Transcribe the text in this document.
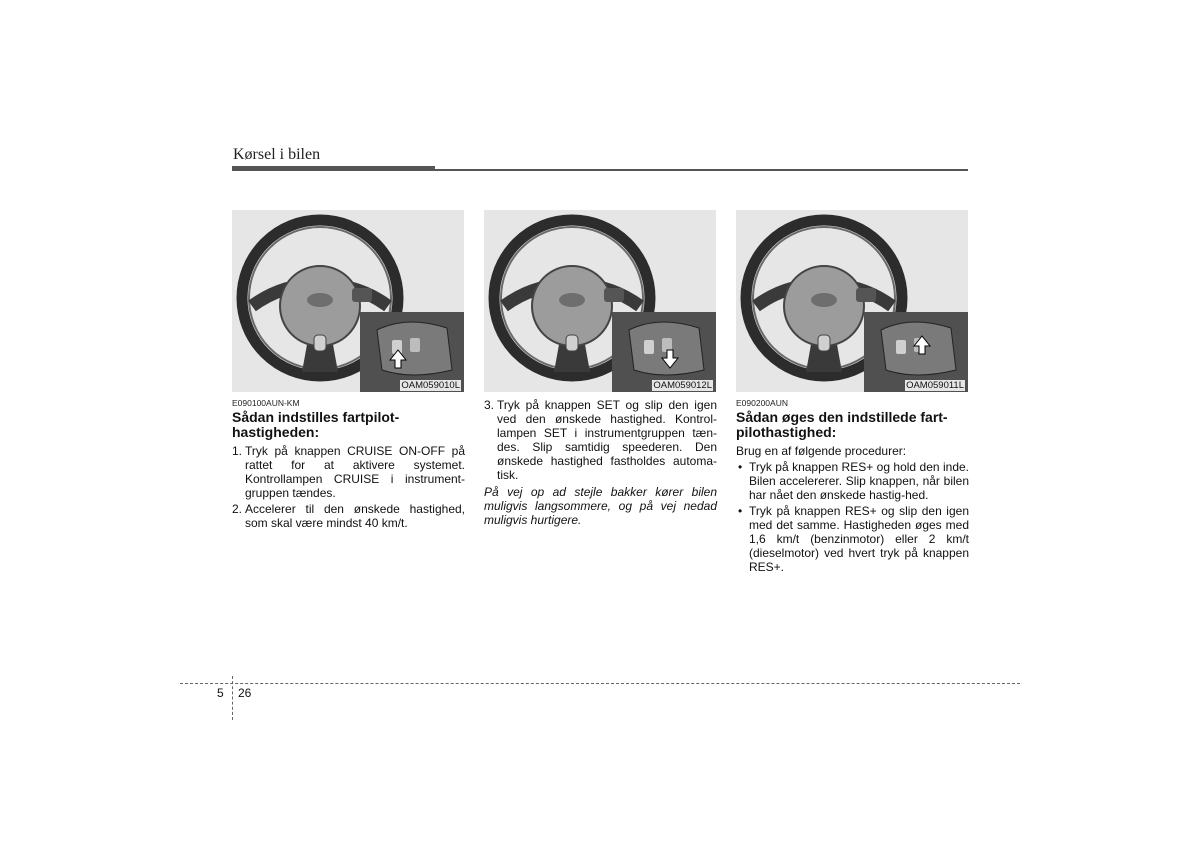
Kørsel i bilen
OAM059010L	OAM059012L	OAM059011L
E090100AUN-KM
Sådan indstilles fartpilot-hastigheden:
1. Tryk på knappen CRUISE ON-OFF på rattet for at aktivere systemet. Kontrollampen CRUISE i instrument-gruppen tændes.
2. Accelerer til den ønskede hastighed, som skal være mindst 40 km/t.
3. Tryk på knappen SET og slip den igen ved den ønskede hastighed. Kontrol-lampen SET i instrumentgruppen tæn-des. Slip samtidig speederen. Den ønskede hastighed fastholdes automa-tisk.
På vej op ad stejle bakker kører bilen muligvis langsommere, og på vej nedad muligvis hurtigere.
E090200AUN
Sådan øges den indstillede fart-pilothastighed:
Brug en af følgende procedurer:
• Tryk på knappen RES+ og hold den inde. Bilen accelererer. Slip knappen, når bilen har nået den ønskede hastig-hed.
• Tryk på knappen RES+ og slip den igen med det samme. Hastigheden øges med 1,6 km/t (benzinmotor) eller 2 km/t (dieselmotor) ved hvert tryk på knappen RES+.
5 26
